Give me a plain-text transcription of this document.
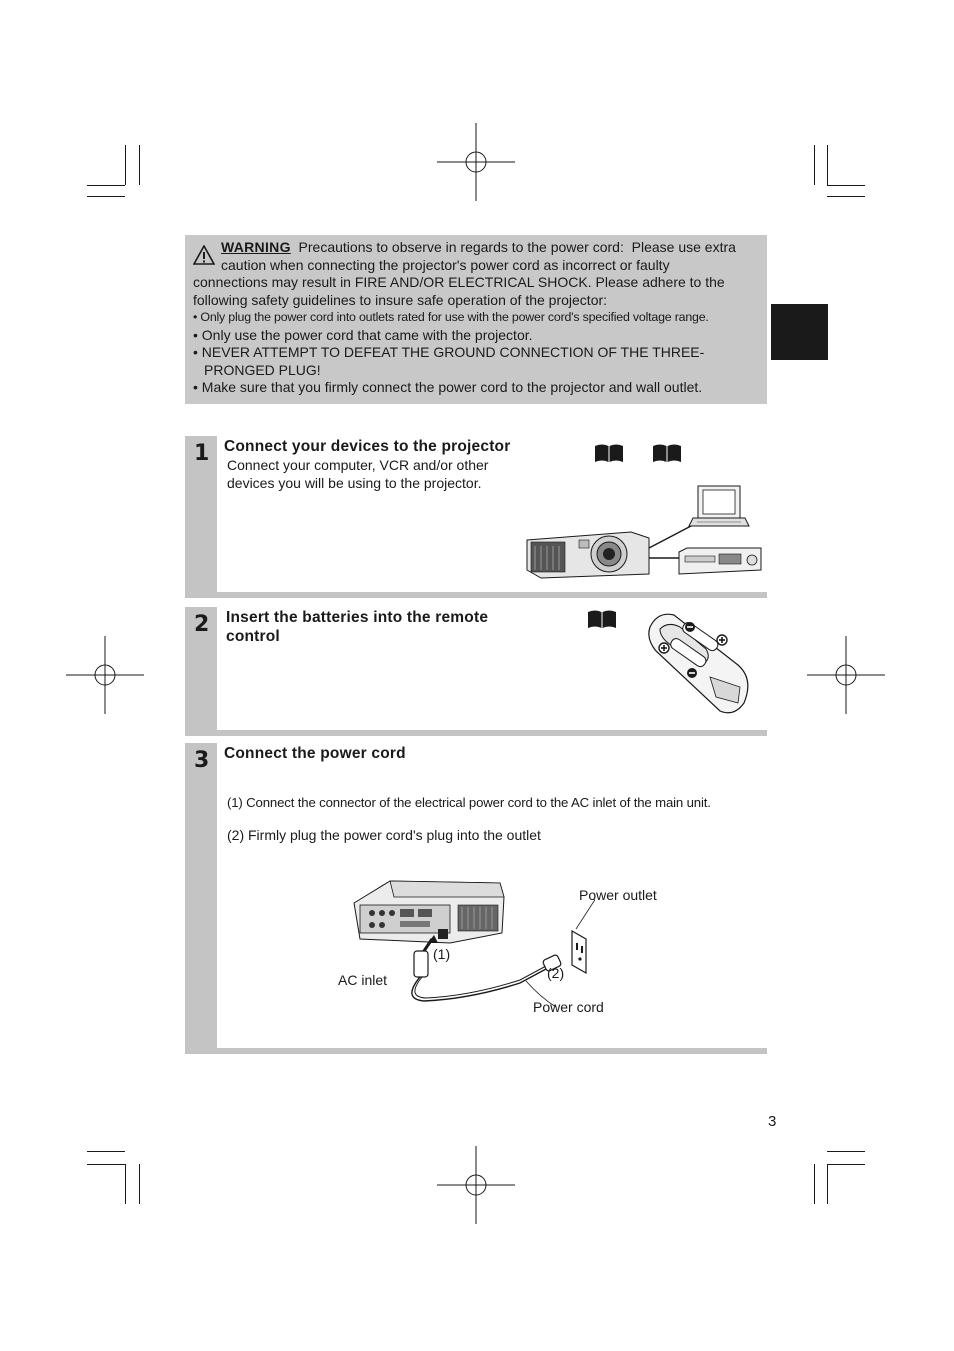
WARNING Precautions to observe in regards to the power cord: Please use extra
caution when connecting the projector's power cord as incorrect or faulty
connections may result in FIRE AND/OR ELECTRICAL SHOCK. Please adhere to the
following safety guidelines to insure safe operation of the projector:
• Only plug the power cord into outlets rated for use with the power cord's specified voltage range.
• Only use the power cord that came with the projector.
• NEVER ATTEMPT TO DEFEAT THE GROUND CONNECTION OF THE THREE-
PRONGED PLUG!
• Make sure that you firmly connect the power cord to the projector and wall outlet.
1 Connect your devices to the projector
Connect your computer, VCR and/or other
devices you will be using to the projector.
2 Insert the batteries into the remote
control
3 Connect the power cord
(1) Connect the connector of the electrical power cord to the AC inlet of the main unit.
(2) Firmly plug the power cord's plug into the outlet
Power outlet
AC inlet
Power cord
(1)
(2)
3
